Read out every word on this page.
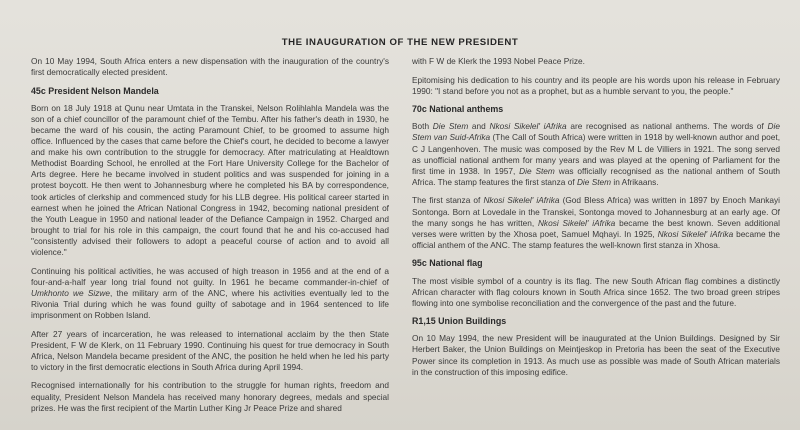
THE INAUGURATION OF THE NEW PRESIDENT

On 10 May 1994, South Africa enters a new dispensation with the inauguration of the country's first democratically elected president.

45c President Nelson Mandela

Born on 18 July 1918 at Qunu near Umtata in the Transkei, Nelson Rolihlahla Mandela was the son of a chief councillor of the paramount chief of the Tembu. After his father's death in 1930, he became the ward of his cousin, the acting Paramount Chief, to be groomed to assume high office. Influenced by the cases that came before the Chief's court, he decided to become a lawyer and make his own contribution to the struggle for democracy. After matriculating at Healdtown Methodist Boarding School, he enrolled at the Fort Hare University College for the Bachelor of Arts degree. Here he became involved in student politics and was suspended for joining in a protest boycott. He then went to Johannesburg where he completed his BA by correspondence, took articles of clerkship and commenced study for his LLB degree. His political career started in earnest when he joined the African National Congress in 1942, becoming national president of the Youth League in 1950 and national leader of the Defiance Campaign in 1952. Charged and brought to trial for his role in this campaign, the court found that he and his co-accused had "consistently advised their followers to adopt a peaceful course of action and to avoid all violence."

Continuing his political activities, he was accused of high treason in 1956 and at the end of a four-and-a-half year long trial found not guilty. In 1961 he became commander-in-chief of Umkhonto we Sizwe, the military arm of the ANC, where his activities eventually led to the Rivonia Trial during which he was found guilty of sabotage and in 1964 sentenced to life imprisonment on Robben Island.

After 27 years of incarceration, he was released to international acclaim by the then State President, F W de Klerk, on 11 February 1990. Continuing his quest for true democracy in South Africa, Nelson Mandela became president of the ANC, the position he held when he led his party to victory in the first democratic elections in South Africa during April 1994.

Recognised internationally for his contribution to the struggle for human rights, freedom and equality, President Nelson Mandela has received many honorary degrees, medals and special prizes. He was the first recipient of the Martin Luther King Jr Peace Prize and shared

with F W de Klerk the 1993 Nobel Peace Prize.

Epitomising his dedication to his country and its people are his words upon his release in February 1990: "I stand before you not as a prophet, but as a humble servant to you, the people."

70c National anthems

Both Die Stem and Nkosi Sikelel' iAfrika are recognised as national anthems. The words of Die Stem van Suid-Afrika (The Call of South Africa) were written in 1918 by well-known author and poet, C J Langenhoven. The music was composed by the Rev M L de Villiers in 1921. The song served as unofficial national anthem for many years and was played at the opening of Parliament for the first time in 1938. In 1957, Die Stem was officially recognised as the national anthem of South Africa. The stamp features the first stanza of Die Stem in Afrikaans.

The first stanza of Nkosi Sikelel' iAfrika (God Bless Africa) was written in 1897 by Enoch Mankayi Sontonga. Born at Lovedale in the Transkei, Sontonga moved to Johannesburg at an early age. Of the many songs he has written, Nkosi Sikelel' iAfrika became the best known. Seven additional verses were written by the Xhosa poet, Samuel Mqhayi. In 1925, Nkosi Sikelel' iAfrika became the official anthem of the ANC. The stamp features the well-known first stanza in Xhosa.

95c National flag

The most visible symbol of a country is its flag. The new South African flag combines a distinctly African character with flag colours known in South Africa since 1652. The two broad green stripes flowing into one symbolise reconciliation and the convergence of the past and the future.

R1,15 Union Buildings

On 10 May 1994, the new President will be inaugurated at the Union Buildings. Designed by Sir Herbert Baker, the Union Buildings on Meintjeskop in Pretoria has been the seat of the Executive Power since its completion in 1913. As much use as possible was made of South African materials in the construction of this imposing edifice.
